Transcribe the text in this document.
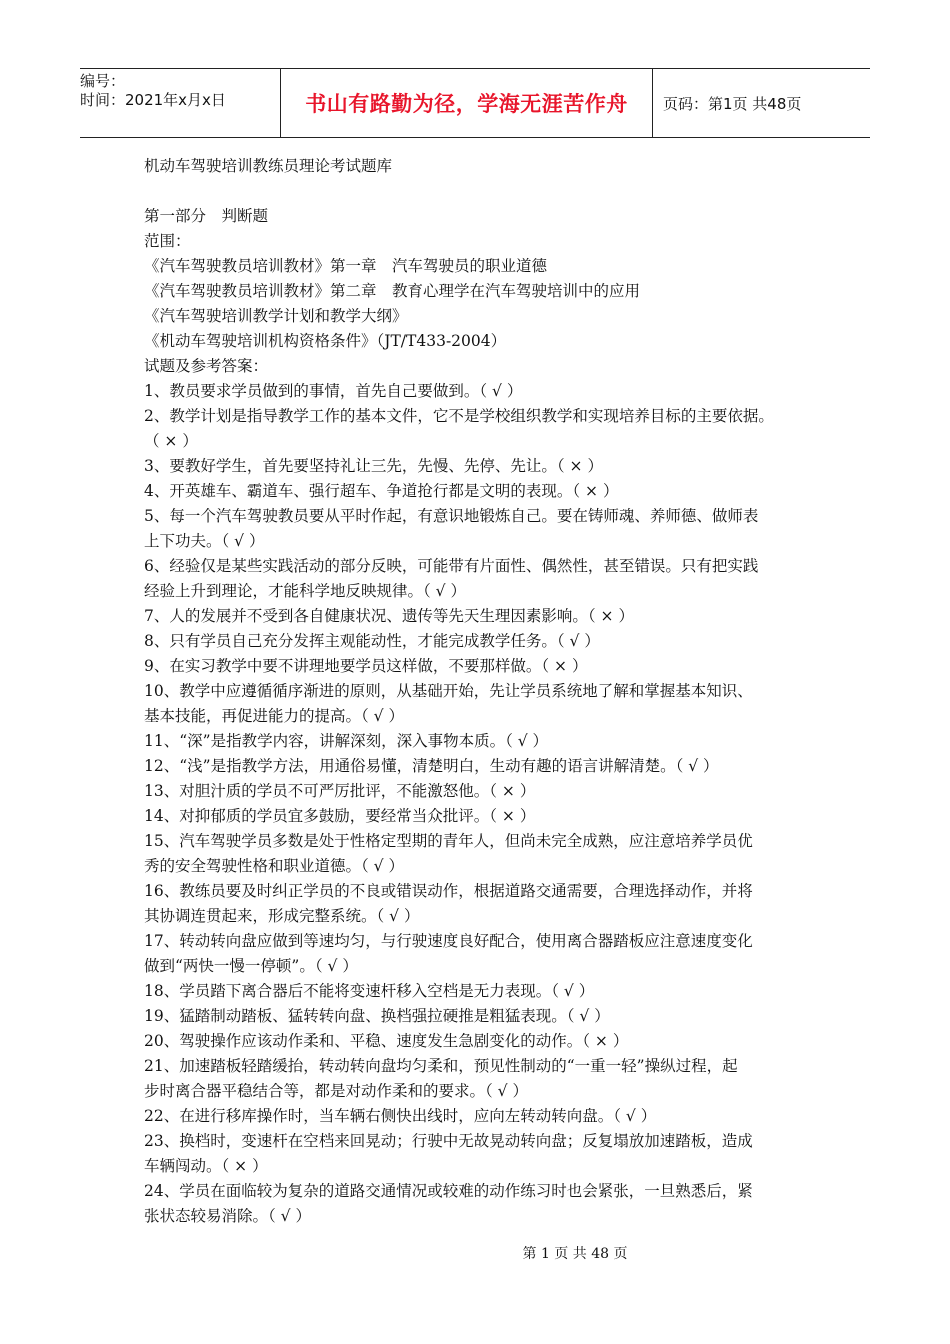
编号：
时间：2021年x月x日	书山有路勤为径，学海无涯苦作舟	页码：第1页 共48页
机动车驾驶培训教练员理论考试题库
第一部分　判断题
范围：
《汽车驾驶教员培训教材》第一章　汽车驾驶员的职业道德
《汽车驾驶教员培训教材》第二章　教育心理学在汽车驾驶培训中的应用
《汽车驾驶培训教学计划和教学大纲》
《机动车驾驶培训机构资格条件》（JT/T433-2004）
试题及参考答案：
1、教员要求学员做到的事情，首先自己要做到。（ √ ）
2、教学计划是指导教学工作的基本文件，它不是学校组织教学和实现培养目标的主要依据。
（ × ）
3、要教好学生，首先要坚持礼让三先，先慢、先停、先让。（ × ）
4、开英雄车、霸道车、强行超车、争道抢行都是文明的表现。（ × ）
5、每一个汽车驾驶教员要从平时作起，有意识地锻炼自己。要在铸师魂、养师德、做师表
上下功夫。（ √ ）
6、经验仅是某些实践活动的部分反映，可能带有片面性、偶然性，甚至错误。只有把实践
经验上升到理论，才能科学地反映规律。（ √ ）
7、人的发展并不受到各自健康状况、遗传等先天生理因素影响。（ × ）
8、只有学员自己充分发挥主观能动性，才能完成教学任务。（ √ ）
9、在实习教学中要不讲理地要学员这样做，不要那样做。（ × ）
10、教学中应遵循循序渐进的原则，从基础开始，先让学员系统地了解和掌握基本知识、
基本技能，再促进能力的提高。（ √ ）
11、“深”是指教学内容，讲解深刻，深入事物本质。（ √ ）
12、“浅”是指教学方法，用通俗易懂，清楚明白，生动有趣的语言讲解清楚。（ √ ）
13、对胆汁质的学员不可严厉批评，不能激怒他。（ × ）
14、对抑郁质的学员宜多鼓励，要经常当众批评。（ × ）
15、汽车驾驶学员多数是处于性格定型期的青年人，但尚未完全成熟，应注意培养学员优
秀的安全驾驶性格和职业道德。（ √ ）
16、教练员要及时纠正学员的不良或错误动作，根据道路交通需要，合理选择动作，并将
其协调连贯起来，形成完整系统。（ √ ）
17、转动转向盘应做到等速均匀，与行驶速度良好配合，使用离合器踏板应注意速度变化
做到“两快一慢一停顿”。（ √ ）
18、学员踏下离合器后不能将变速杆移入空档是无力表现。（ √ ）
19、猛踏制动踏板、猛转转向盘、换档强拉硬推是粗猛表现。（ √ ）
20、驾驶操作应该动作柔和、平稳、速度发生急剧变化的动作。（ × ）
21、加速踏板轻踏缓抬，转动转向盘均匀柔和，预见性制动的“一重一轻”操纵过程，起
步时离合器平稳结合等，都是对动作柔和的要求。（ √ ）
22、在进行移库操作时，当车辆右侧快出线时，应向左转动转向盘。（ √ ）
23、换档时，变速杆在空档来回晃动；行驶中无故晃动转向盘；反复塌放加速踏板，造成
车辆闯动。（ × ）
24、学员在面临较为复杂的道路交通情况或较难的动作练习时也会紧张，一旦熟悉后，紧
张状态较易消除。（ √ ）
第 1 页 共 48 页
